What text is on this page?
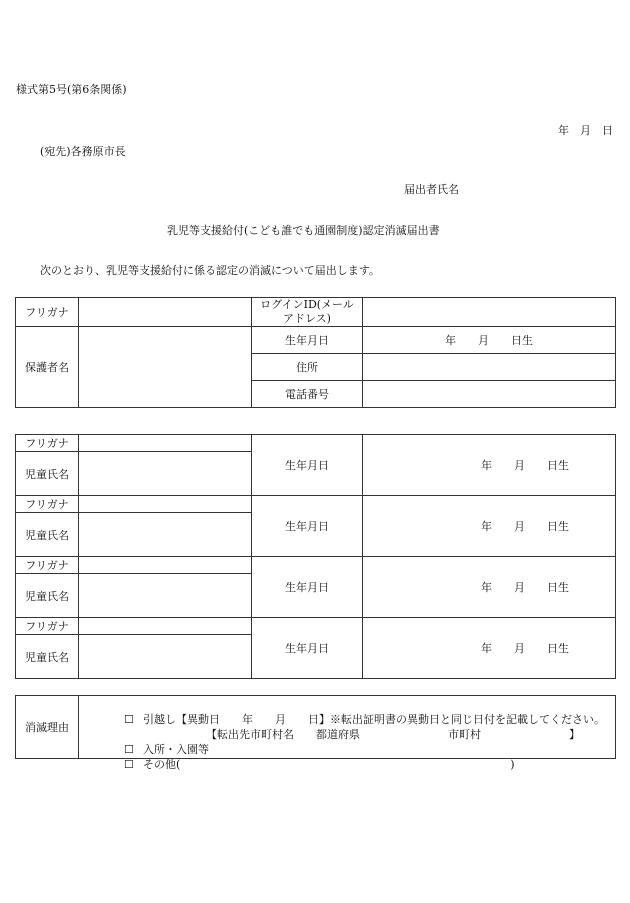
様式第5号(第6条関係)
年　月　日
(宛先)各務原市長
届出者氏名
乳児等支援給付(こども誰でも通園制度)認定消滅届出書
次のとおり、乳児等支援給付に係る認定の消滅について届出します。
フリガナ		ログインID(メール
アドレス)	

保護者名		生年月日	年　　月　　日生
		住所	
		電話番号	
フリガナ		生年月日	年　　月　　日生
児童氏名			
フリガナ		生年月日	年　　月　　日生
児童氏名			
フリガナ		生年月日	年　　月　　日生
児童氏名			
フリガナ		生年月日	年　　月　　日生
児童氏名			
消滅理由	

☐ 引越し【異動日　　年　　月　　日】※転出証明書の異動日と同じ日付を記載してください。

【転出先市町村名　　都道府県　　　　　　　　市町村　　　　　　　　】

☐ 入所・入園等

☐ その他(　　　　　　　　　　　　　　　　　　　　　　　　　　　　　　)
